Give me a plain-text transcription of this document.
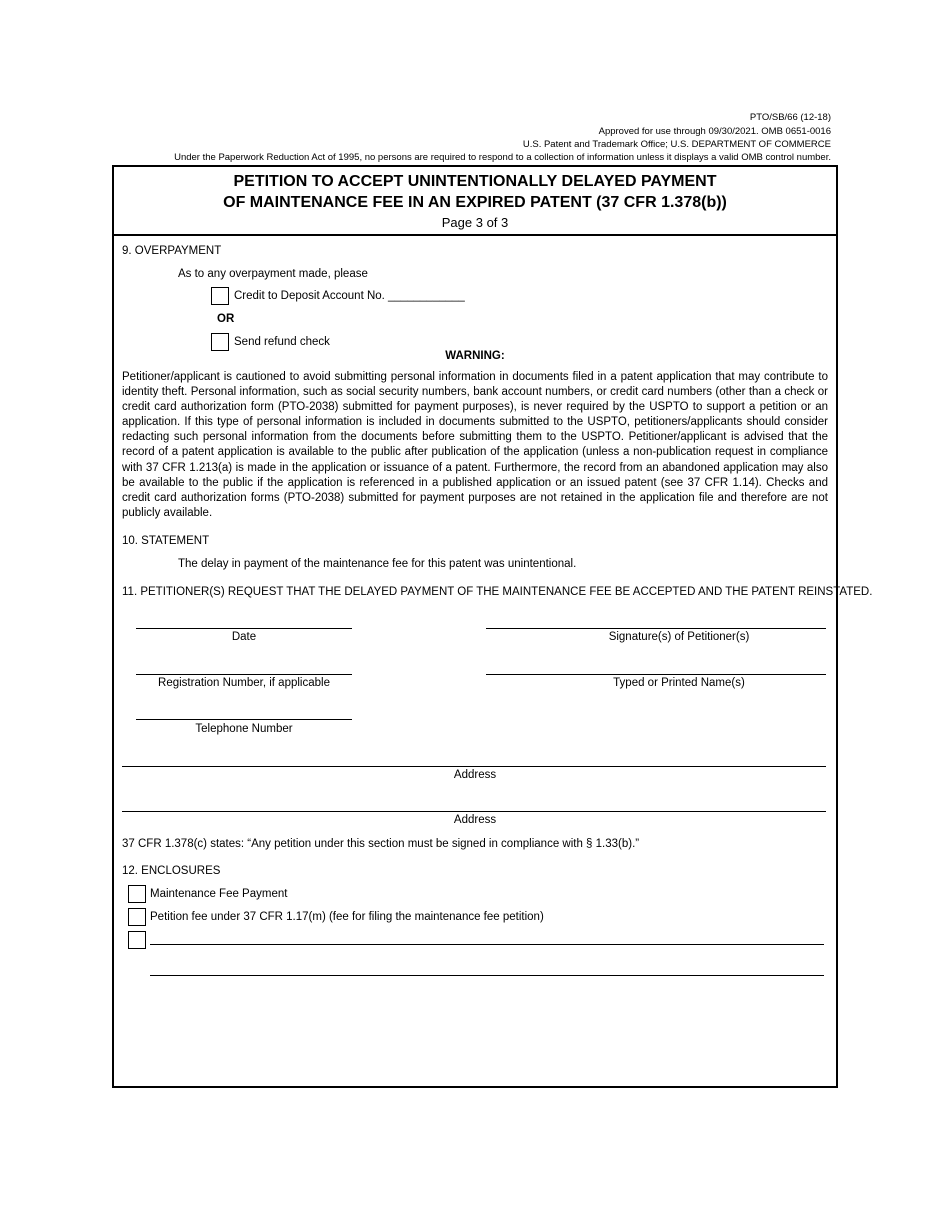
PTO/SB/66 (12-18)
Approved for use through 09/30/2021. OMB 0651-0016
U.S. Patent and Trademark Office; U.S. DEPARTMENT OF COMMERCE
Under the Paperwork Reduction Act of 1995, no persons are required to respond to a collection of information unless it displays a valid OMB control number.
PETITION TO ACCEPT UNINTENTIONALLY DELAYED PAYMENT
OF MAINTENANCE FEE IN AN EXPIRED PATENT (37 CFR 1.378(b))
Page 3 of 3
9. OVERPAYMENT
As to any overpayment made, please
Credit to Deposit Account No. ____________
OR
Send refund check
WARNING:
Petitioner/applicant is cautioned to avoid submitting personal information in documents filed in a patent application that may contribute to identity theft. Personal information, such as social security numbers, bank account numbers, or credit card numbers (other than a check or credit card authorization form (PTO-2038) submitted for payment purposes), is never required by the USPTO to support a petition or an application. If this type of personal information is included in documents submitted to the USPTO, petitioners/applicants should consider redacting such personal information from the documents before submitting them to the USPTO. Petitioner/applicant is advised that the record of a patent application is available to the public after publication of the application (unless a non-publication request in compliance with 37 CFR 1.213(a) is made in the application or issuance of a patent. Furthermore, the record from an abandoned application may also be available to the public if the application is referenced in a published application or an issued patent (see 37 CFR 1.14). Checks and credit card authorization forms (PTO-2038) submitted for payment purposes are not retained in the application file and therefore are not publicly available.
10. STATEMENT
The delay in payment of the maintenance fee for this patent was unintentional.
11. PETITIONER(S) REQUEST THAT THE DELAYED PAYMENT OF THE MAINTENANCE FEE BE ACCEPTED AND THE PATENT REINSTATED.
Date	Signature(s) of Petitioner(s)
Registration Number, if applicable	Typed or Printed Name(s)
Telephone Number
Address
Address
37 CFR 1.378(c) states: “Any petition under this section must be signed in compliance with § 1.33(b).”
12. ENCLOSURES
Maintenance Fee Payment
Petition fee under 37 CFR 1.17(m) (fee for filing the maintenance fee petition)
